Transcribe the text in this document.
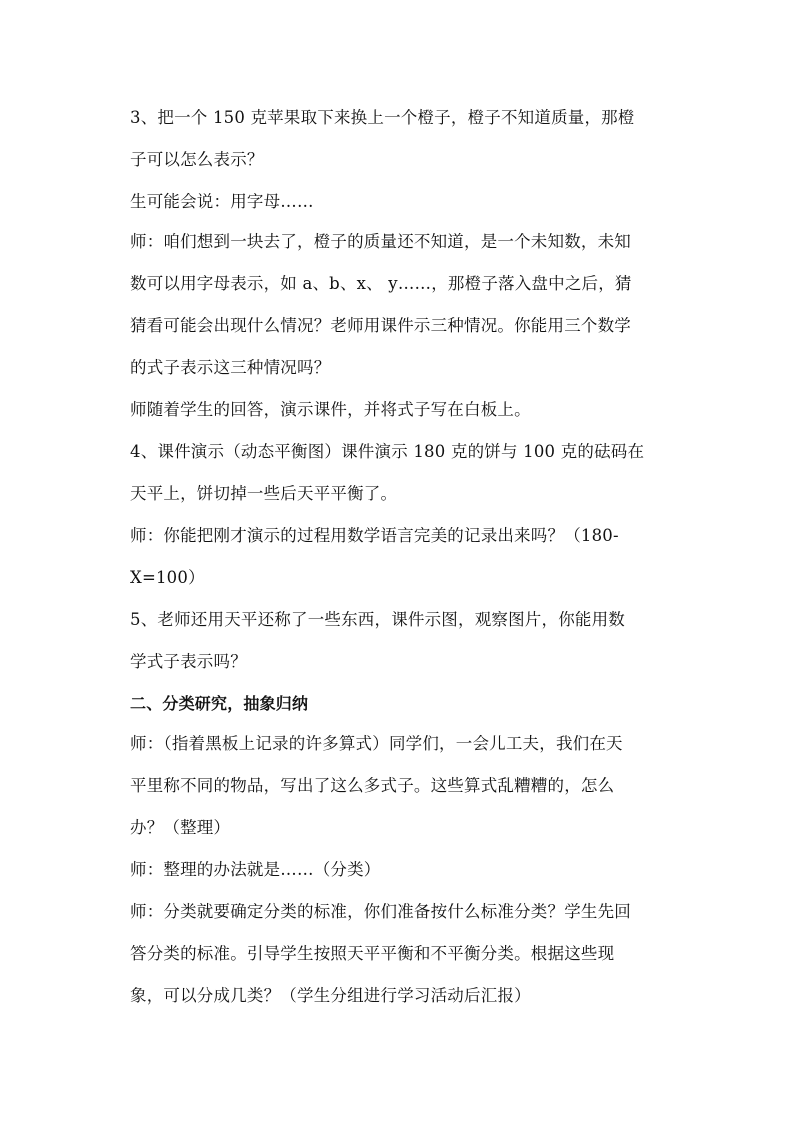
3、把一个 150 克苹果取下来换上一个橙子，橙子不知道质量，那橙
子可以怎么表示？
生可能会说：用字母……
师：咱们想到一块去了，橙子的质量还不知道，是一个未知数，未知
数可以用字母表示，如 a、b、x、 y……，那橙子落入盘中之后，猜
猜看可能会出现什么情况？老师用课件示三种情况。你能用三个数学
的式子表示这三种情况吗？
师随着学生的回答，演示课件，并将式子写在白板上。
4、课件演示（动态平衡图）课件演示 180 克的饼与 100 克的砝码在
天平上，饼切掉一些后天平平衡了。
师：你能把刚才演示的过程用数学语言完美的记录出来吗？（180-
X=100）
5、老师还用天平还称了一些东西，课件示图，观察图片，你能用数
学式子表示吗？
二、分类研究，抽象归纳
师：（指着黑板上记录的许多算式）同学们，一会儿工夫，我们在天
平里称不同的物品，写出了这么多式子。这些算式乱糟糟的，怎么
办？（整理）
师：整理的办法就是……（分类）
师：分类就要确定分类的标准，你们准备按什么标准分类？学生先回
答分类的标准。引导学生按照天平平衡和不平衡分类。根据这些现
象，可以分成几类？（学生分组进行学习活动后汇报）
